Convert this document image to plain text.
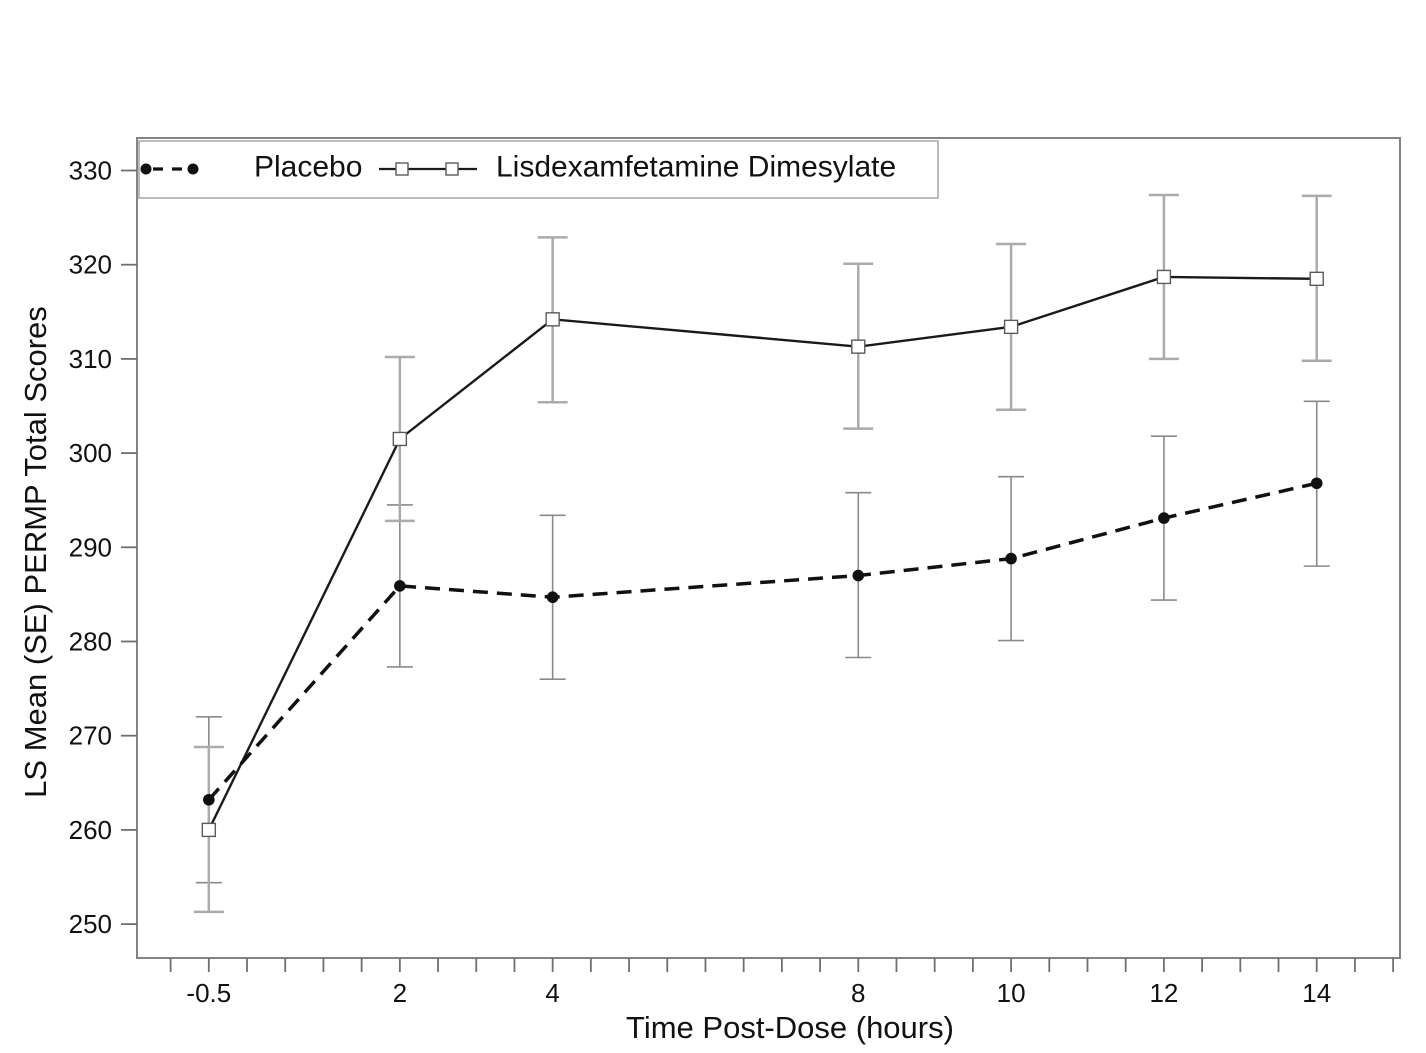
250
260
270
280
290
300
310
320
330
-0.5	2	4	8	10	12	14
LS Mean (SE) PERMP Total Scores
Time Post-Dose (hours)
Placebo	Lisdexamfetamine Dimesylate
